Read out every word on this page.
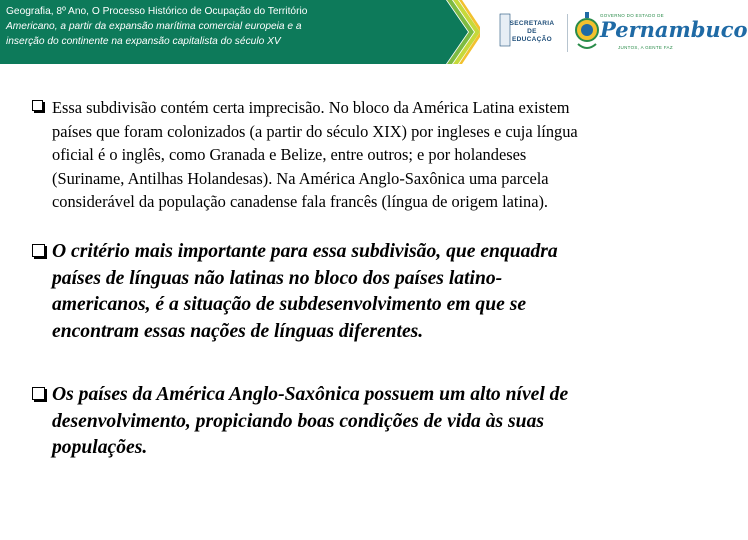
Geografia, 8º Ano, O Processo Histórico de Ocupação do Território
Americano, a partir da expansão marítima comercial europeia e a
inserção do continente na expansão capitalista do século XV
SECRETARIA DE EDUCAÇÃO
GOVERNO DO ESTADO DE
Pernambuco
JUNTOS, A GENTE FAZ
Essa subdivisão contém certa imprecisão. No bloco da América Latina existem
países que foram colonizados (a partir do século XIX) por ingleses e cuja língua
oficial é o inglês, como Granada e Belize, entre outros; e por holandeses
(Suriname, Antilhas Holandesas). Na América Anglo-Saxônica uma parcela
considerável da população canadense fala francês (língua de origem latina).
O critério mais importante para essa subdivisão, que enquadra
países de línguas não latinas no bloco dos países latino-
americanos, é a situação de subdesenvolvimento em que se
encontram essas nações de línguas diferentes.
Os países da América Anglo-Saxônica possuem um alto nível de
desenvolvimento, propiciando boas condições de vida às suas
populações.
